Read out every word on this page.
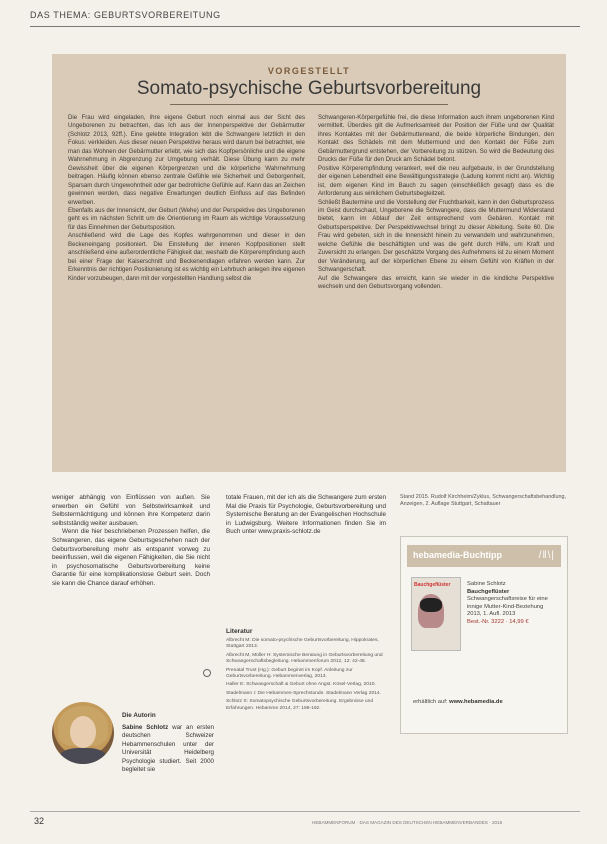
DAS THEMA: GEBURTSVORBEREITUNG
VORGESTELLT
Somato-psychische Geburtsvorbereitung

Die Frau wird eingeladen, ihre eigene Geburt noch einmal aus der Sicht des Ungeborenen zu betrachten, das Ich aus der Innenperspektive der Gebärmutter (Schlotz 2013, 92ff.). Eine gelebte Integration lebt die Schwangere letztlich in den Fokus: verkleiden. Aus dieser neuen Perspektive heraus wird darum bei betrachtet, wie man das Wohnen der Gebärmutter erlebt, wie sich das Kopfpersönliche und die eigene Wahrnehmung in Abgrenzung zur Umgebung verhält. Diese Übung kann zu mehr Gewissheit über die eigenen Körpergrenzen und die körperliche Wahrnehmung beitragen. Häufig können ebenso zentrale Gefühle wie Sicherheit und Geborgenheit, Sparsam durch Ungewohntheit oder gar bedrohliche Gefühle auf. Kann das an Zeichen gewinnen werden, dass negative Erwartungen deutlich Einfluss auf das Befinden erwerben.

Ebenfalls aus der Innensicht, der Geburt (Wehe) und der Perspektive des Ungeborenen geht es im nächsten Schritt um die Orientierung im Raum als wichtige Voraussetzung für das Einnehmen der Geburtsposition.

Anschließend wird die Lage des Kopfes wahrgenommen und dieser in den Beckeneingang positioniert. Die Einstellung der inneren Kopfpositionen stellt anschließend eine außerordentliche Fähigkeit dar, weshalb die Körperempfindung auch bei einer Frage der Kaiserschnitt und Beckenendlagen erfahren werden kann. Zur Erkenntnis der richtigen Positionierung ist es wichtig ein Lehrbuch anlegen ihre eigenen Kinder vorzubeugen, dann mit der vorgestellten Handlung selbst die

Schwangeren-Körpergefühle frei, die diese Information auch ihrem ungeborenen Kind vermittelt. Überdies gilt die Aufmerksamkeit der Position der Füße und der Qualität ihres Kontaktes mit der Gebärmutterwand, die beide körperliche Bindungen, den Kontakt des Schädels mit dem Muttermund und den Kontakt der Füße zum Gebärmuttergrund entstehen, der Vorbereitung zu stützen. So wird die Bedeutung des Drucks der Füße für den Druck am Schädel betont.

Positive Körperempfindung verankert, weil die neu aufgebaute, in der Grundstellung der eigenen Lebendheit eine Bewältigungsstrategie (Ladung kommt nicht an). Wichtig ist, dem eigenen Kind im Bauch zu sagen (einschließlich gesagt) dass es die Anforderung aus wirklichem Geburtsbegleitzeit.

Schließt Bautermine und die Vorstellung der Fruchtbarkeit, kann in den Geburtsprozess im Geist durchschaut, Ungeborene die Schwangere, dass die Muttermund Widerstand bietet, kann im Ablauf der Zeit entsprechend vom Gebären. Kontakt mit Geburtsperspektive. Der Perspektivwechsel bringt zu dieser Ableitung. Seite 60. Die Frau wird gebeten, sich in die Innensicht hinein zu verwandeln und wahrzunehmen, welche Gefühle die beschäftigten und was die geht durch Hilfe, um Kraft und Zuversicht zu erlangen. Der geschätzte Vorgang des Aufnehmens ist zu einem Moment der Veränderung, auf der körperlichen Ebene zu einem Gefühl von Kräften in der Schwangerschaft.

Auf die Schwangere das erreicht, kann sie wieder in die kindliche Perspektive wechseln und den Geburtsvorgang vollenden.

weniger abhängig von Einflüssen von außen. Sie erwerben ein Gefühl von Selbstwirksamkeit und Selbstermächtigung und können ihre Kompetenz darin selbstständig weiter ausbauen.

Wenn die hier beschriebenen Prozessen helfen, die Schwangeren, das eigene Geburtsgeschehen nach der Geburtsvorbereitung mehr als entspannt vorweg zu beeinflussen, weil die eigenen Fähigkeiten, die Sie nicht in psychosomatische Geburtsvorbereitung keine Garantie für eine komplikationslose Geburt sein. Doch sie kann die Chance darauf erhöhen.

totale Frauen, mit der ich als die Schwangere zum ersten Mal die Praxis für Psychologie, Geburtsvorbereitung und Systemische Beratung an der Evangelischen Hochschule in Ludwigsburg. Weitere Informationen finden Sie im Buch unter www.praxis-schlotz.de
Stand 2015. Rudolf Kirchheim/Zyklus, Schwangerschaftsbehandlung, Anzeigen, 2. Auflage Stuttgart, Schattauer
Literatur

Albrecht M: Die somato-psychische Geburtsvorbereitung, Hippokrates, Stuttgart 2013.

Albrecht M, Müller H: Systemische Beratung in Geburtsvorbereitung und Schwangerschaftsbegleitung. Hebammenforum 2012, 12: 42-48.

Prenatal Trust (Hg.): Geburt beginnt im Kopf. Anleitung zur Geburtsvorbereitung. Hebammenverlag, 2013.

Haller E: Schwangerschaft & Geburt ohne Angst. Kösel-Verlag, 2010.

Stadelmann I: Die Hebammen-Sprechstunde. Stadelmann Verlag 2014.

Schlotz S: Somatopsychische Geburtsvorbereitung. Ergebnisse und Erfahrungen. Hebamme 2014, 27: 188-192.

hebamedia-Buchtipp	/‖\|
Bauchgeflüster	Sabine Schlotz
Bauchgeflüster
Schwangerschaftsreise für eine innige Mutter-Kind-Beziehung
2013, 1. Aufl. 2013
Best.-Nr. 3222 · 14,99 €
erhältlich auf: www.hebamedia.de
Die Autorin
Sabine Schlotz war an ersten deutschen Schweizer Hebammenschulen unter der Universität Heidelberg Psychologie studiert. Seit 2000 begleitet sie
32	HEBAMMENFORUM · DAS MAGAZIN DES DEUTSCHEN HEBAMMENVERBANDES · 2015
